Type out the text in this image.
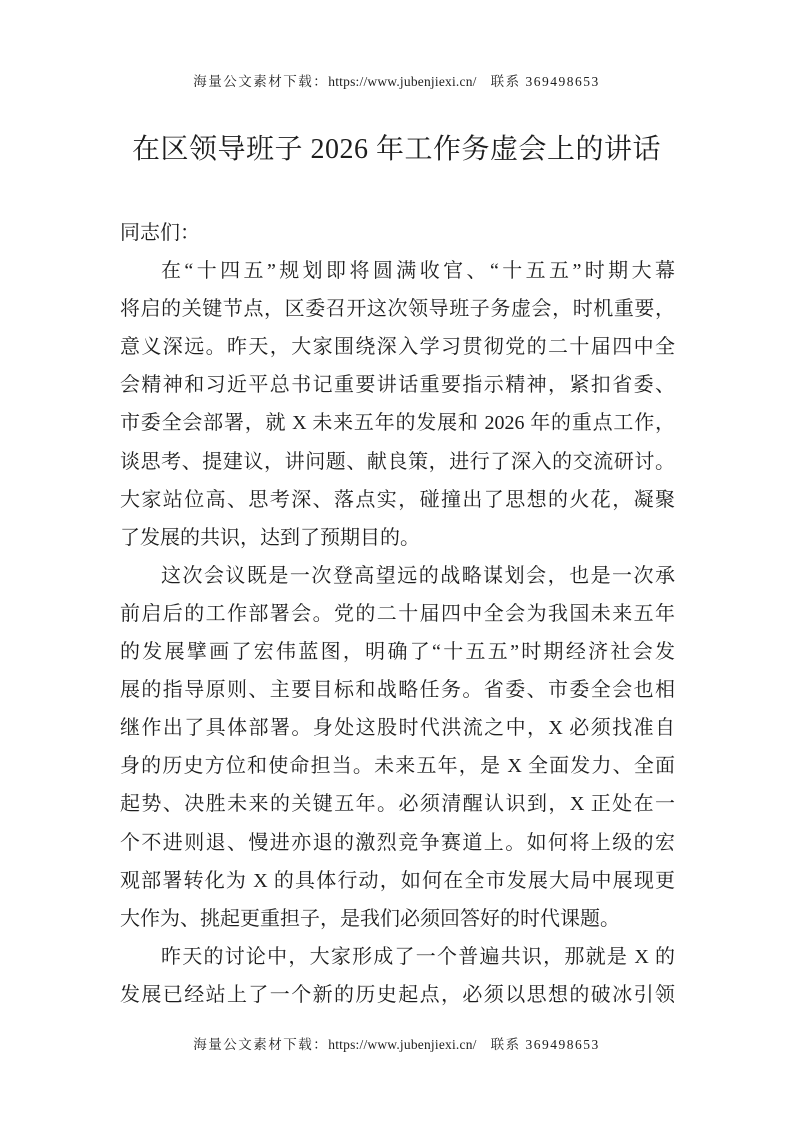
海量公文素材下载：https://www.jubenjiexi.cn/ 联系 369498653
在区领导班子 2026 年工作务虚会上的讲话
同志们：
在“十四五”规划即将圆满收官、“十五五”时期大幕
将启的关键节点，区委召开这次领导班子务虚会，时机重要，
意义深远。昨天，大家围绕深入学习贯彻党的二十届四中全
会精神和习近平总书记重要讲话重要指示精神，紧扣省委、
市委全会部署，就 X 未来五年的发展和 2026 年的重点工作，
谈思考、提建议，讲问题、献良策，进行了深入的交流研讨。
大家站位高、思考深、落点实，碰撞出了思想的火花，凝聚
了发展的共识，达到了预期目的。
这次会议既是一次登高望远的战略谋划会，也是一次承
前启后的工作部署会。党的二十届四中全会为我国未来五年
的发展擘画了宏伟蓝图，明确了“十五五”时期经济社会发
展的指导原则、主要目标和战略任务。省委、市委全会也相
继作出了具体部署。身处这股时代洪流之中，X 必须找准自
身的历史方位和使命担当。未来五年，是 X 全面发力、全面
起势、决胜未来的关键五年。必须清醒认识到，X 正处在一
个不进则退、慢进亦退的激烈竞争赛道上。如何将上级的宏
观部署转化为 X 的具体行动，如何在全市发展大局中展现更
大作为、挑起更重担子，是我们必须回答好的时代课题。
昨天的讨论中，大家形成了一个普遍共识，那就是 X 的
发展已经站上了一个新的历史起点，必须以思想的破冰引领
海量公文素材下载：https://www.jubenjiexi.cn/ 联系 369498653
